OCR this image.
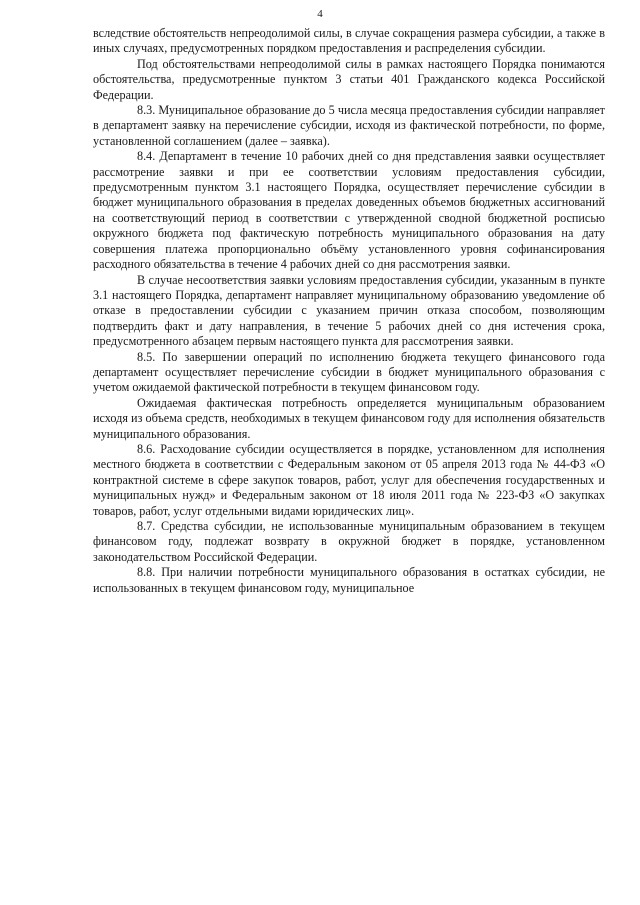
4

вследствие обстоятельств непреодолимой силы, в случае сокращения размера субсидии, а также в иных случаях, предусмотренных порядком предоставления и распределения субсидии.

Под обстоятельствами непреодолимой силы в рамках настоящего Порядка понимаются обстоятельства, предусмотренные пунктом 3 статьи 401 Гражданского кодекса Российской Федерации.

8.3. Муниципальное образование до 5 числа месяца предоставления субсидии направляет в департамент заявку на перечисление субсидии, исходя из фактической потребности, по форме, установленной соглашением (далее – заявка).

8.4. Департамент в течение 10 рабочих дней со дня представления заявки осуществляет рассмотрение заявки и при ее соответствии условиям предоставления субсидии, предусмотренным пунктом 3.1 настоящего Порядка, осуществляет перечисление субсидии в бюджет муниципального образования в пределах доведенных объемов бюджетных ассигнований на соответствующий период в соответствии с утвержденной сводной бюджетной росписью окружного бюджета под фактическую потребность муниципального образования на дату совершения платежа пропорционально объёму установленного уровня софинансирования расходного обязательства в течение 4 рабочих дней со дня рассмотрения заявки.

В случае несоответствия заявки условиям предоставления субсидии, указанным в пункте 3.1 настоящего Порядка, департамент направляет муниципальному образованию уведомление об отказе в предоставлении субсидии с указанием причин отказа способом, позволяющим подтвердить факт и дату направления, в течение 5 рабочих дней со дня истечения срока, предусмотренного абзацем первым настоящего пункта для рассмотрения заявки.

8.5. По завершении операций по исполнению бюджета текущего финансового года департамент осуществляет перечисление субсидии в бюджет муниципального образования с учетом ожидаемой фактической потребности в текущем финансовом году.

Ожидаемая фактическая потребность определяется муниципальным образованием исходя из объема средств, необходимых в текущем финансовом году для исполнения обязательств муниципального образования.

8.6. Расходование субсидии осуществляется в порядке, установленном для исполнения местного бюджета в соответствии с Федеральным законом от 05 апреля 2013 года № 44-ФЗ «О контрактной системе в сфере закупок товаров, работ, услуг для обеспечения государственных и муниципальных нужд» и Федеральным законом от 18 июля 2011 года № 223-ФЗ «О закупках товаров, работ, услуг отдельными видами юридических лиц».

8.7. Средства субсидии, не использованные муниципальным образованием в текущем финансовом году, подлежат возврату в окружной бюджет в порядке, установленном законодательством Российской Федерации.

8.8. При наличии потребности муниципального образования в остатках субсидии, не использованных в текущем финансовом году, муниципальное
